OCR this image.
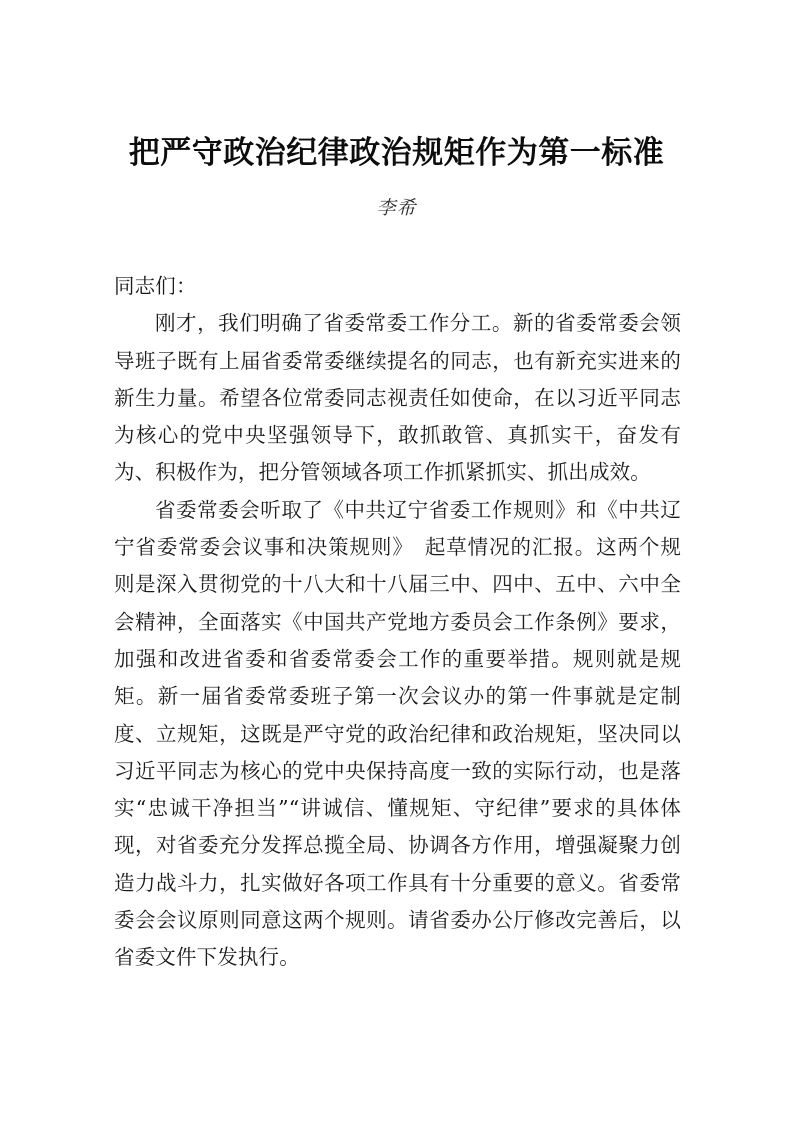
把严守政治纪律政治规矩作为第一标准
李希

同志们：

刚才，我们明确了省委常委工作分工。新的省委常委会领导班子既有上届省委常委继续提名的同志，也有新充实进来的新生力量。希望各位常委同志视责任如使命，在以习近平同志为核心的党中央坚强领导下，敢抓敢管、真抓实干，奋发有为、积极作为，把分管领域各项工作抓紧抓实、抓出成效。

省委常委会听取了《中共辽宁省委工作规则》和《中共辽宁省委常委会议事和决策规则》　起草情况的汇报。这两个规则是深入贯彻党的十八大和十八届三中、四中、五中、六中全会精神，全面落实《中国共产党地方委员会工作条例》要求，加强和改进省委和省委常委会工作的重要举措。规则就是规矩。新一届省委常委班子第一次会议办的第一件事就是定制度、立规矩，这既是严守党的政治纪律和政治规矩，坚决同以习近平同志为核心的党中央保持高度一致的实际行动，也是落实“忠诚干净担当”“讲诚信、懂规矩、守纪律”要求的具体体现，对省委充分发挥总揽全局、协调各方作用，增强凝聚力创造力战斗力，扎实做好各项工作具有十分重要的意义。省委常委会会议原则同意这两个规则。请省委办公厅修改完善后，以省委文件下发执行。
